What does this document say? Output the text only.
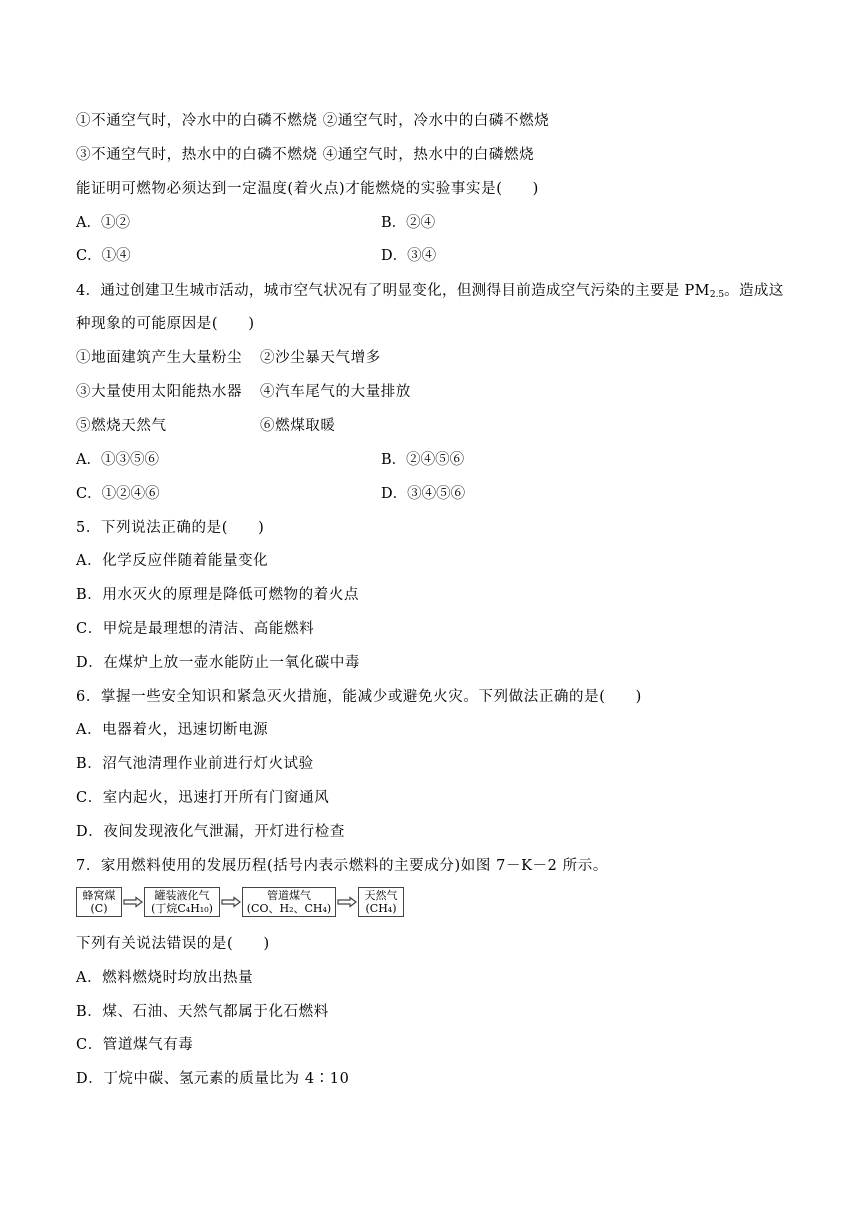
①不通空气时，冷水中的白磷不燃烧 ②通空气时，冷水中的白磷不燃烧
③不通空气时，热水中的白磷不燃烧 ④通空气时，热水中的白磷燃烧
能证明可燃物必须达到一定温度(着火点)才能燃烧的实验事实是(　　)
A．①②	B．②④
C．①④	D．③④
4．通过创建卫生城市活动，城市空气状况有了明显变化，但测得目前造成空气污染的主要是 $PM_{2.5}$。造成这
种现象的可能原因是(　　)
①地面建筑产生大量粉尘 ②沙尘暴天气增多
③大量使用太阳能热水器 ④汽车尾气的大量排放
⑤燃烧天然气	⑥燃煤取暖
A．①③⑤⑥	B．②④⑤⑥
C．①②④⑥	D．③④⑤⑥
5．下列说法正确的是(　　)
A．化学反应伴随着能量变化
B．用水灭火的原理是降低可燃物的着火点
C．甲烷是最理想的清洁、高能燃料
D．在煤炉上放一壶水能防止一氧化碳中毒
6．掌握一些安全知识和紧急灭火措施，能减少或避免火灾。下列做法正确的是(　　)
A．电器着火，迅速切断电源
B．沼气池清理作业前进行灯火试验
C．室内起火，迅速打开所有门窗通风
D．夜间发现液化气泄漏，开灯进行检查
7．家用燃料使用的发展历程(括号内表示燃料的主要成分)如图 7－K－2 所示。
蜂窝煤
(C)
罐装液化气
(丁烷C₄H₁₀)
管道煤气
(CO、H₂、CH₄)
天然气
(CH₄)
下列有关说法错误的是(　　)
A．燃料燃烧时均放出热量
B．煤、石油、天然气都属于化石燃料
C．管道煤气有毒
D．丁烷中碳、氢元素的质量比为 4∶10
